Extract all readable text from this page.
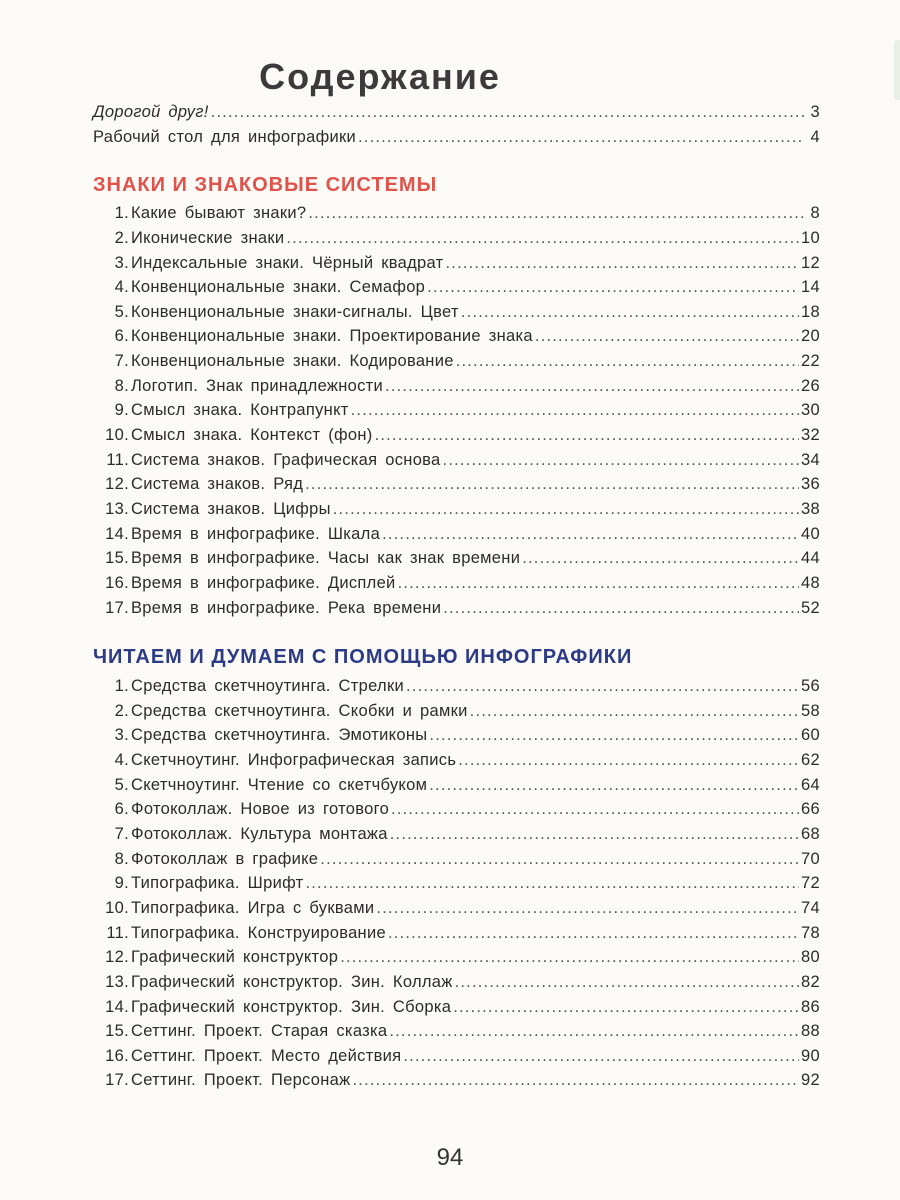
Содержание
Дорогой друг! .....	3
Рабочий стол для инфографики .....	4
ЗНАКИ И ЗНАКОВЫЕ СИСТЕМЫ
1. Какие бывают знаки? .....	8
2. Иконические знаки .....	10
3. Индексальные знаки. Чёрный квадрат .....	12
4. Конвенциональные знаки. Семафор .....	14
5. Конвенциональные знаки-сигналы. Цвет .....	18
6. Конвенциональные знаки. Проектирование знака .....	20
7. Конвенциональные знаки. Кодирование .....	22
8. Логотип. Знак принадлежности .....	26
9. Смысл знака. Контрапункт .....	30
10. Смысл знака. Контекст (фон) .....	32
11. Система знаков. Графическая основа .....	34
12. Система знаков. Ряд .....	36
13. Система знаков. Цифры .....	38
14. Время в инфографике. Шкала .....	40
15. Время в инфографике. Часы как знак времени .....	44
16. Время в инфографике. Дисплей .....	48
17. Время в инфографике. Река времени .....	52
ЧИТАЕМ И ДУМАЕМ С ПОМОЩЬЮ ИНФОГРАФИКИ
1. Средства скетчноутинга. Стрелки .....	56
2. Средства скетчноутинга. Скобки и рамки .....	58
3. Средства скетчноутинга. Эмотиконы .....	60
4. Скетчноутинг. Инфографическая запись .....	62
5. Скетчноутинг. Чтение со скетчбуком .....	64
6. Фотоколлаж. Новое из готового .....	66
7. Фотоколлаж. Культура монтажа .....	68
8. Фотоколлаж в графике .....	70
9. Типографика. Шрифт .....	72
10. Типографика. Игра с буквами .....	74
11. Типографика. Конструирование .....	78
12. Графический конструктор .....	80
13. Графический конструктор. Зин. Коллаж .....	82
14. Графический конструктор. Зин. Сборка .....	86
15. Сеттинг. Проект. Старая сказка .....	88
16. Сеттинг. Проект. Место действия .....	90
17. Сеттинг. Проект. Персонаж .....	92
94
